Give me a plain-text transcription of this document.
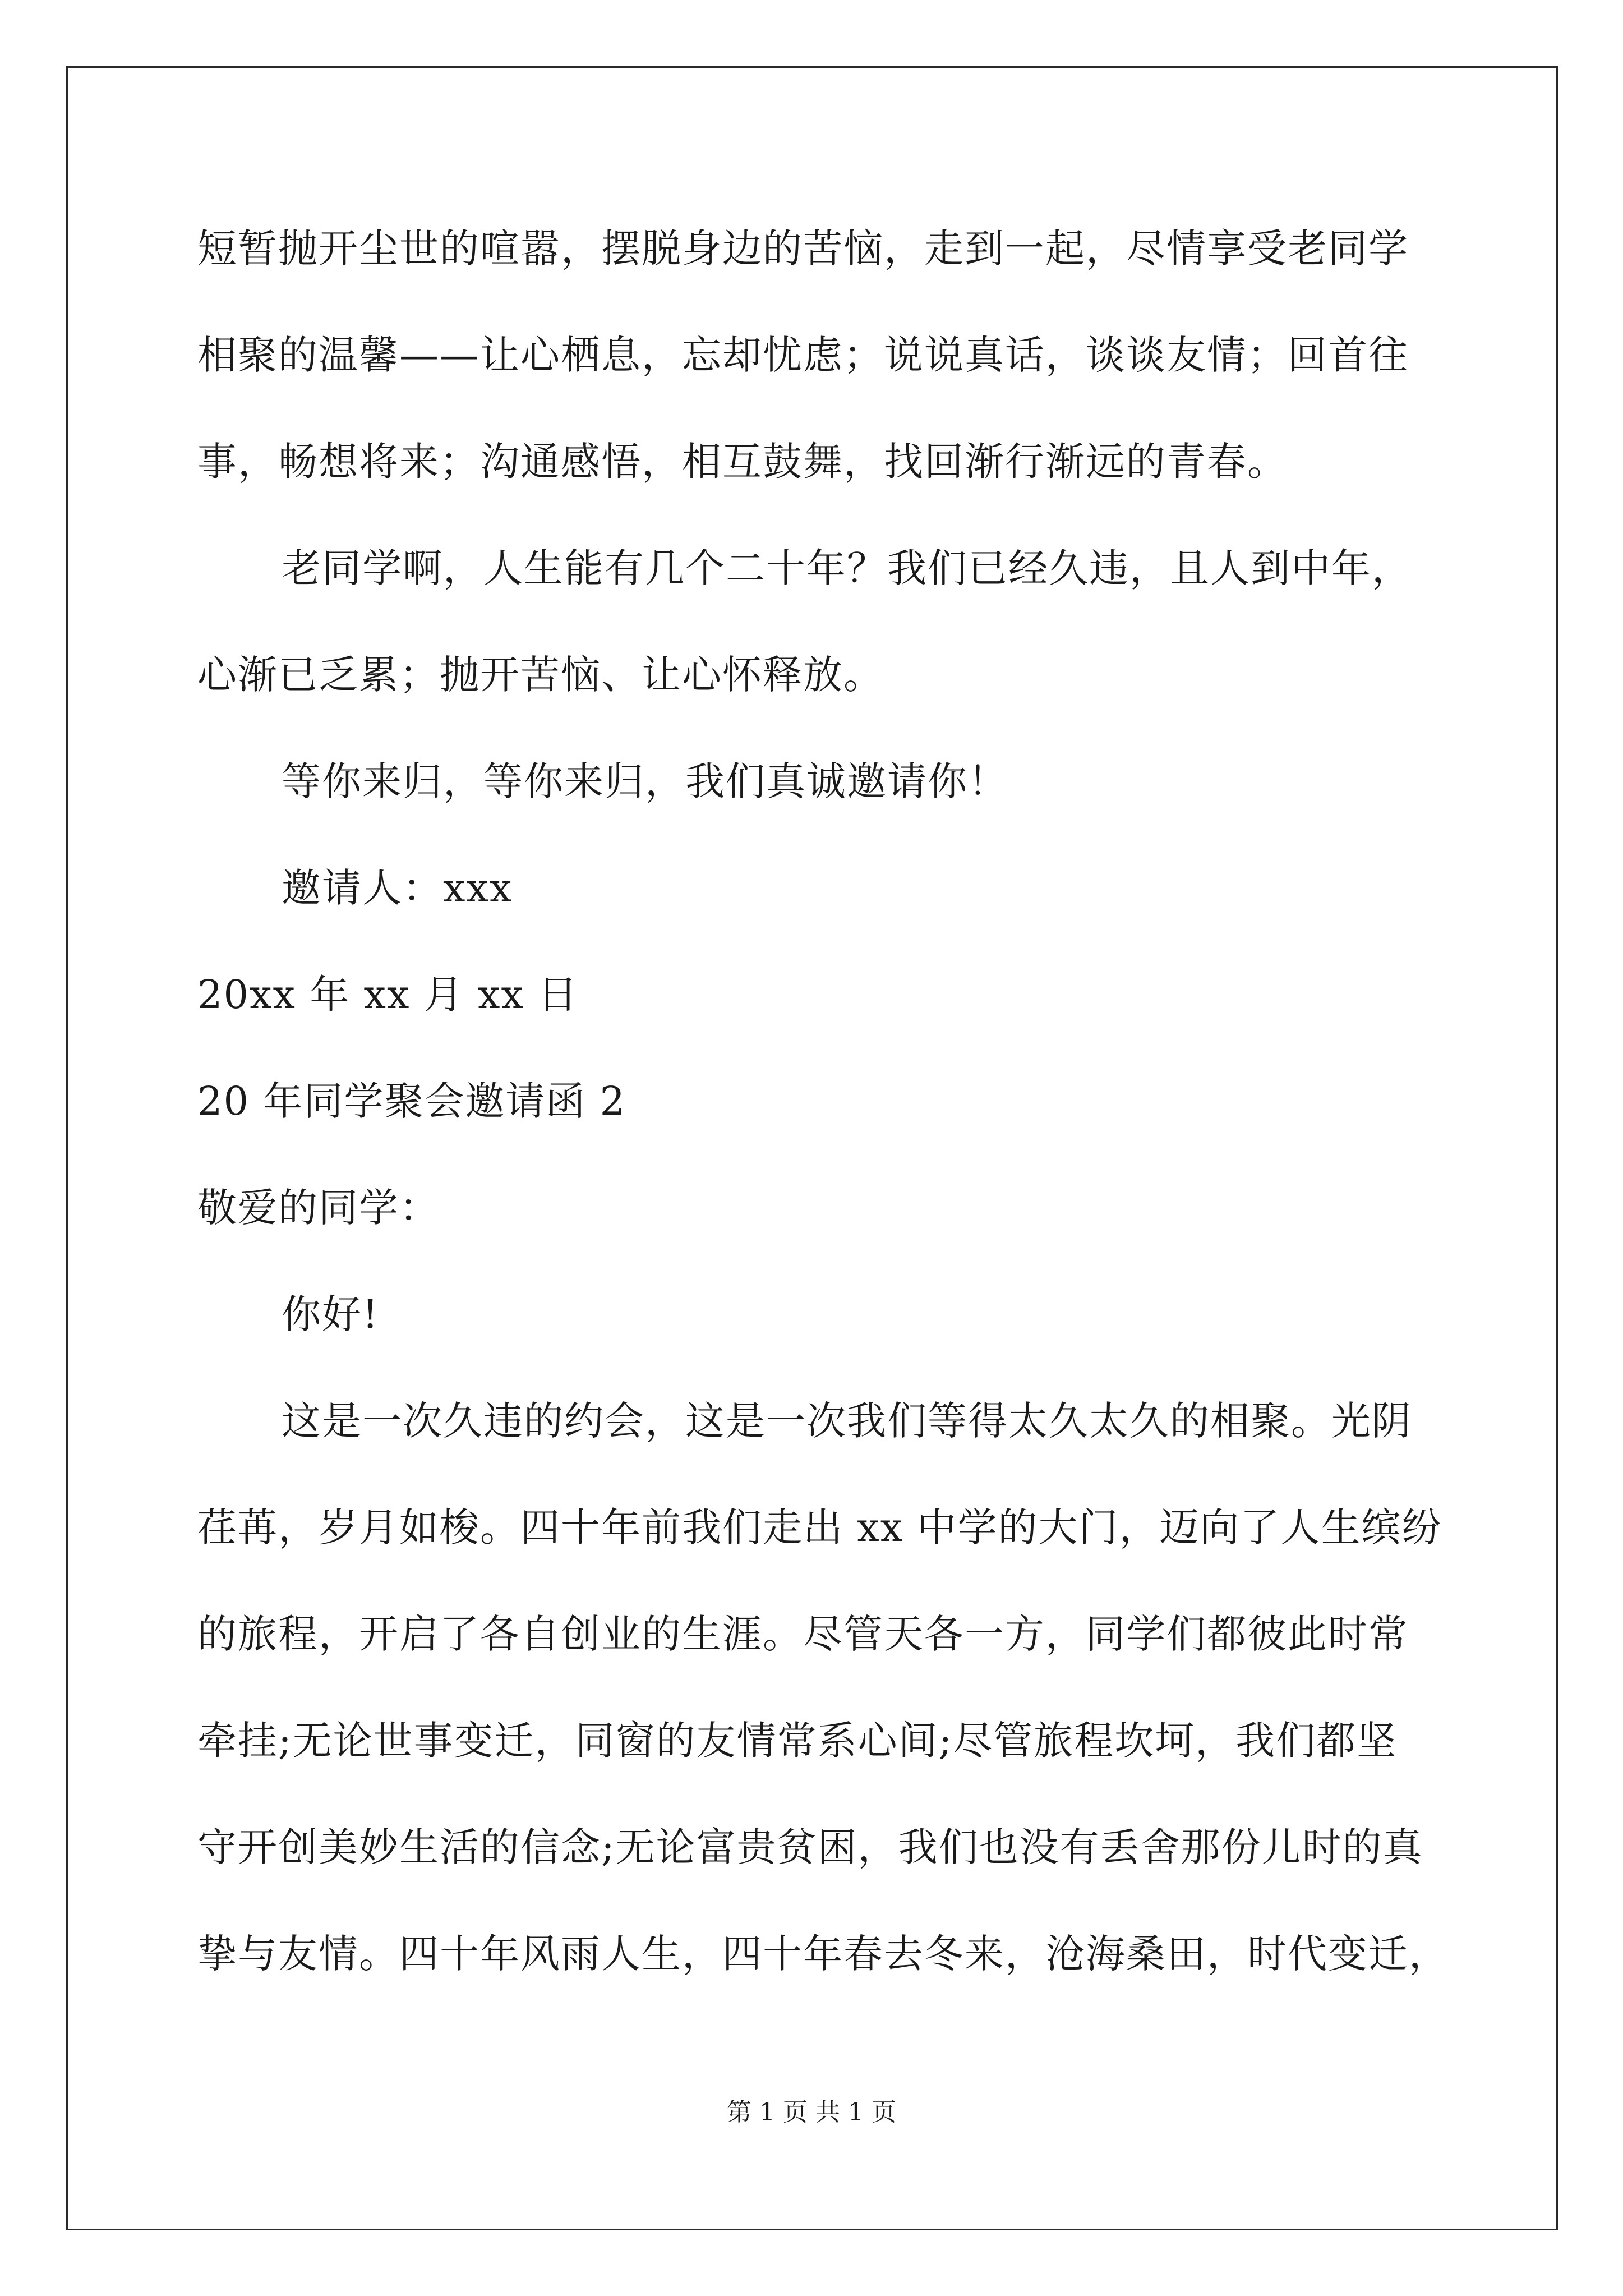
短暂抛开尘世的喧嚣，摆脱身边的苦恼，走到一起，尽情享受老同学
相聚的温馨——让心栖息，忘却忧虑；说说真话，谈谈友情；回首往
事，畅想将来；沟通感悟，相互鼓舞，找回渐行渐远的青春。
老同学啊，人生能有几个二十年？我们已经久违，且人到中年，
心渐已乏累；抛开苦恼、让心怀释放。
等你来归，等你来归，我们真诚邀请你！
邀请人：xxx
20xx 年 xx 月 xx 日
20 年同学聚会邀请函 2
敬爱的同学：
你好!
这是一次久违的约会，这是一次我们等得太久太久的相聚。光阴
荏苒，岁月如梭。四十年前我们走出 xx 中学的大门，迈向了人生缤纷
的旅程，开启了各自创业的生涯。尽管天各一方，同学们都彼此时常
牵挂;无论世事变迁，同窗的友情常系心间;尽管旅程坎坷，我们都坚
守开创美妙生活的信念;无论富贵贫困，我们也没有丢舍那份儿时的真
挚与友情。四十年风雨人生，四十年春去冬来，沧海桑田，时代变迁，
第 1 页 共 1 页
